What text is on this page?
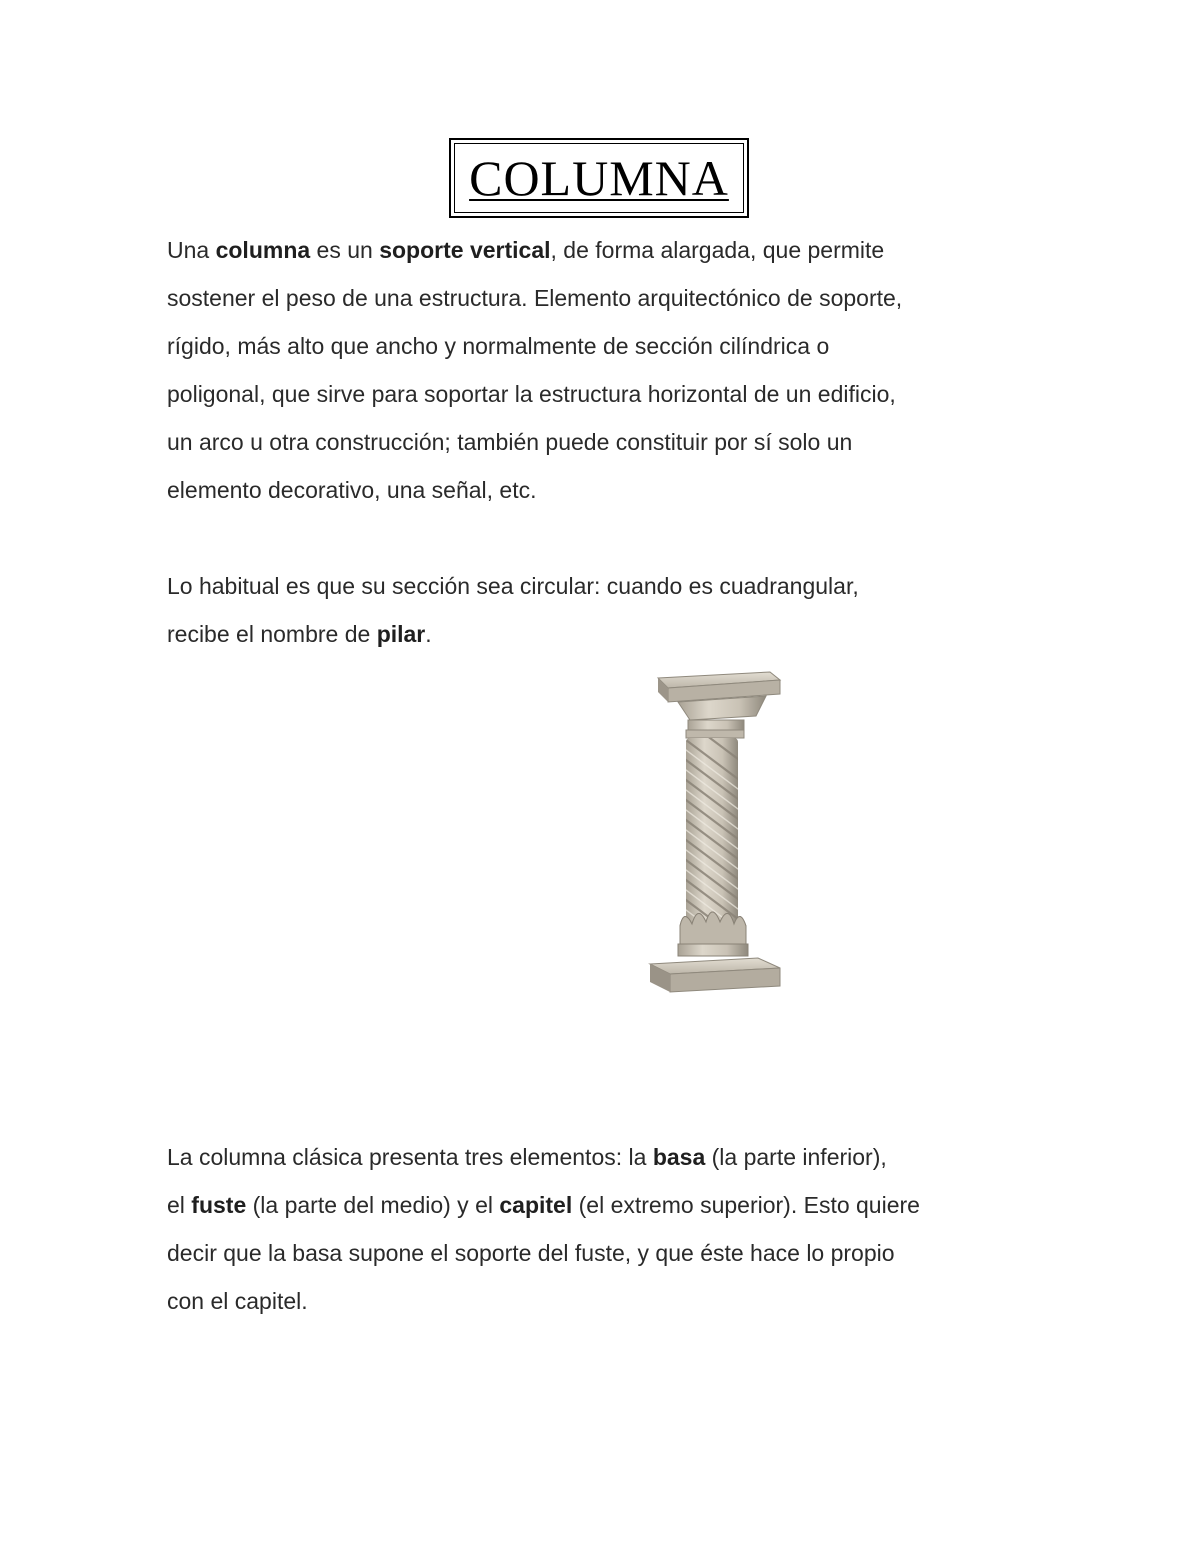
COLUMNA

Una columna es un soporte vertical, de forma alargada, que permite
sostener el peso de una estructura. Elemento arquitectónico de soporte,
rígido, más alto que ancho y normalmente de sección cilíndrica o
poligonal, que sirve para soportar la estructura horizontal de un edificio,
un arco u otra construcción; también puede constituir por sí solo un
elemento decorativo, una señal, etc.

Lo habitual es que su sección sea circular: cuando es cuadrangular,
recibe el nombre de pilar.

La columna clásica presenta tres elementos: la basa (la parte inferior),
el fuste (la parte del medio) y el capitel (el extremo superior). Esto quiere
decir que la basa supone el soporte del fuste, y que éste hace lo propio
con el capitel.
